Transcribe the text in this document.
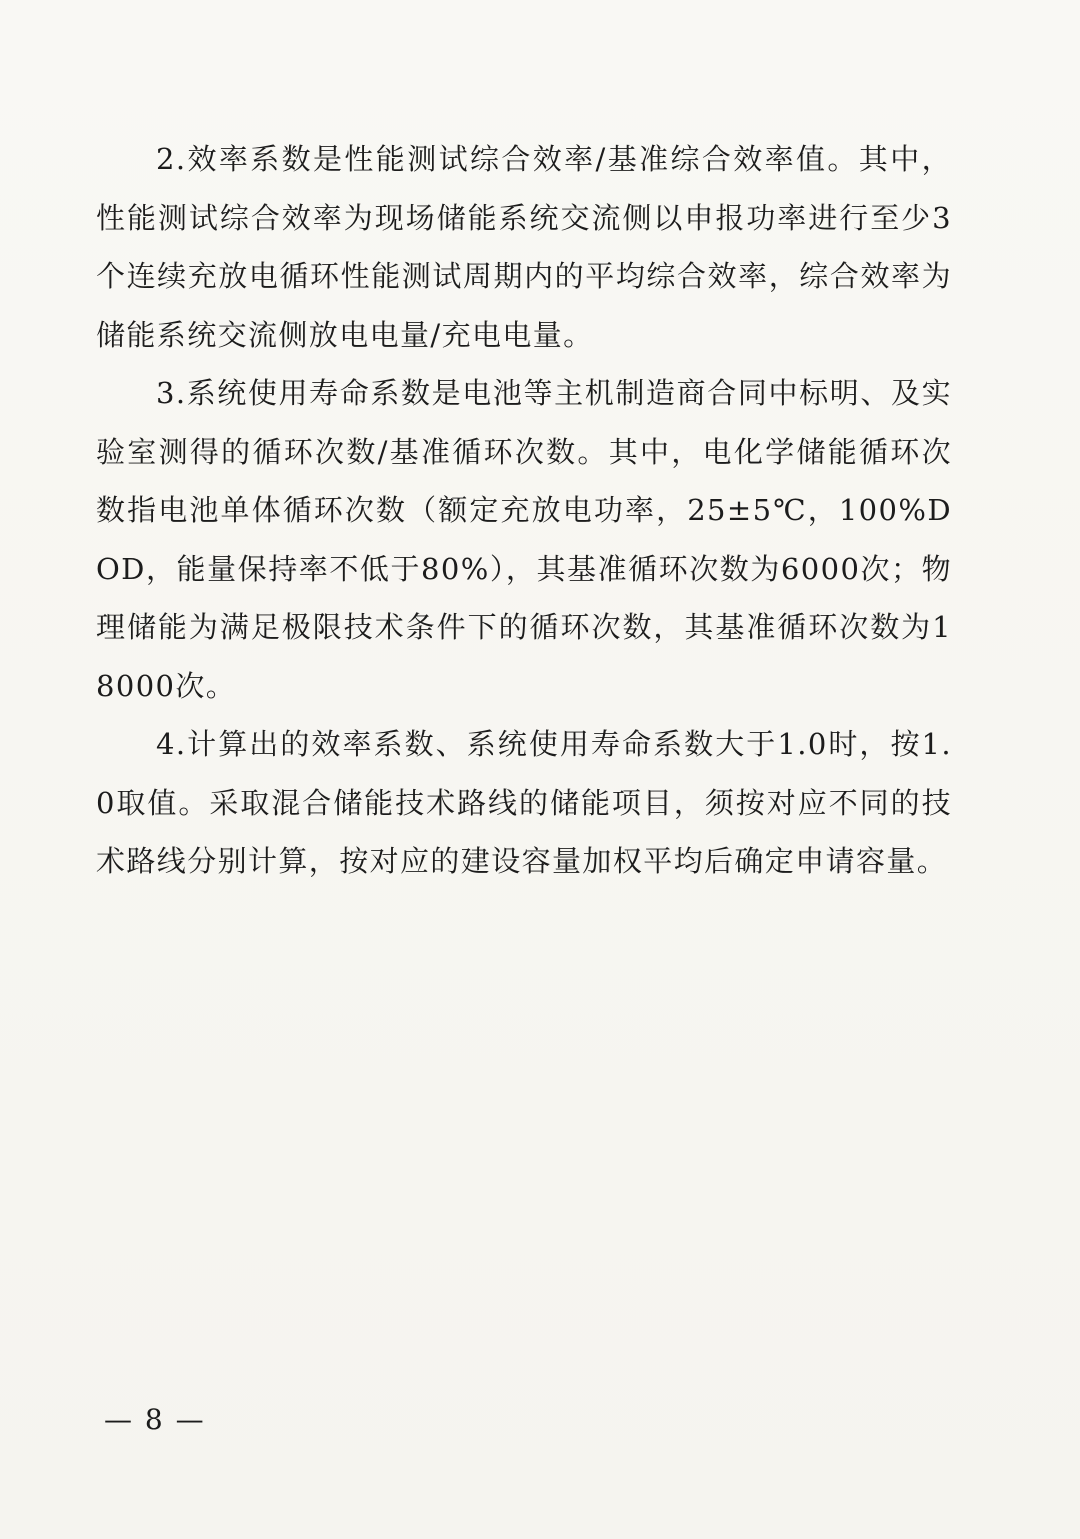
2.效率系数是性能测试综合效率/基准综合效率值。其中，性能测试综合效率为现场储能系统交流侧以申报功率进行至少3个连续充放电循环性能测试周期内的平均综合效率，综合效率为储能系统交流侧放电电量/充电电量。

3.系统使用寿命系数是电池等主机制造商合同中标明、及实验室测得的循环次数/基准循环次数。其中，电化学储能循环次数指电池单体循环次数（额定充放电功率，25±5℃，100%DOD，能量保持率不低于80%），其基准循环次数为6000次；物理储能为满足极限技术条件下的循环次数，其基准循环次数为18000次。

4.计算出的效率系数、系统使用寿命系数大于1.0时，按1.0取值。采取混合储能技术路线的储能项目，须按对应不同的技术路线分别计算，按对应的建设容量加权平均后确定申请容量。

— 8 —
